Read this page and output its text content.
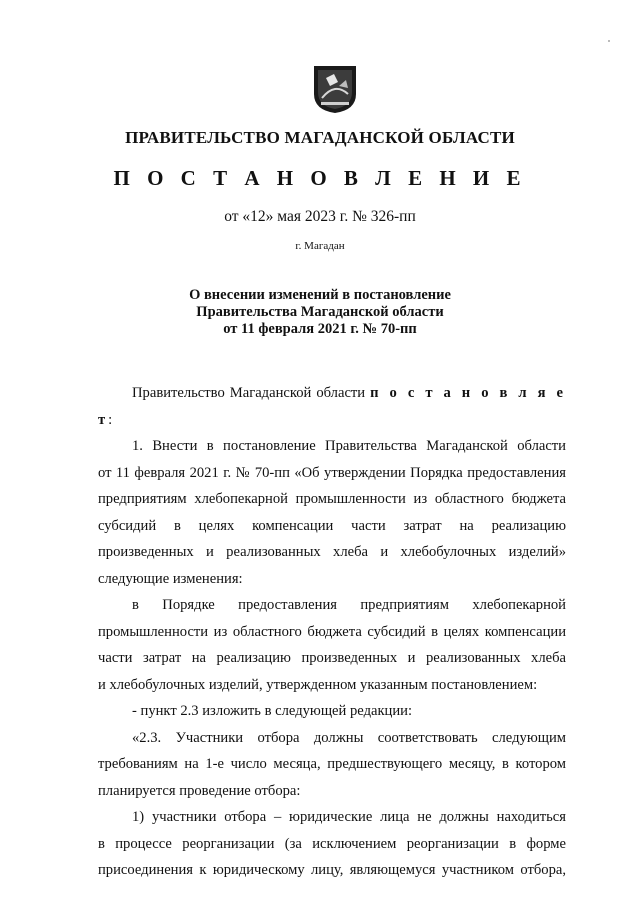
ПРАВИТЕЛЬСТВО МАГАДАНСКОЙ ОБЛАСТИ
П О С Т А Н О В Л Е Н И Е
от «12» мая 2023 г. № 326-пп
г. Магадан
О внесении изменений в постановление
Правительства Магаданской области
от 11 февраля 2021 г. № 70-пп

Правительство Магаданской области п о с т а н о в л я е т:

1. Внести в постановление Правительства Магаданской области

от 11 февраля 2021 г. № 70-пп «Об утверждении Порядка предоставления

предприятиям хлебопекарной промышленности из областного бюджета

субсидий в целях компенсации части затрат на реализацию

произведенных и реализованных хлеба и хлебобулочных изделий»

следующие изменения:

в Порядке предоставления предприятиям хлебопекарной

промышленности из областного бюджета субсидий в целях компенсации

части затрат на реализацию произведенных и реализованных хлеба

и хлебобулочных изделий, утвержденном указанным постановлением:

- пункт 2.3 изложить в следующей редакции:

«2.3. Участники отбора должны соответствовать следующим

требованиям на 1-е число месяца, предшествующего месяцу, в котором

планируется проведение отбора:

1) участники отбора – юридические лица не должны находиться

в процессе реорганизации (за исключением реорганизации в форме

присоединения к юридическому лицу, являющемуся участником отбора,
